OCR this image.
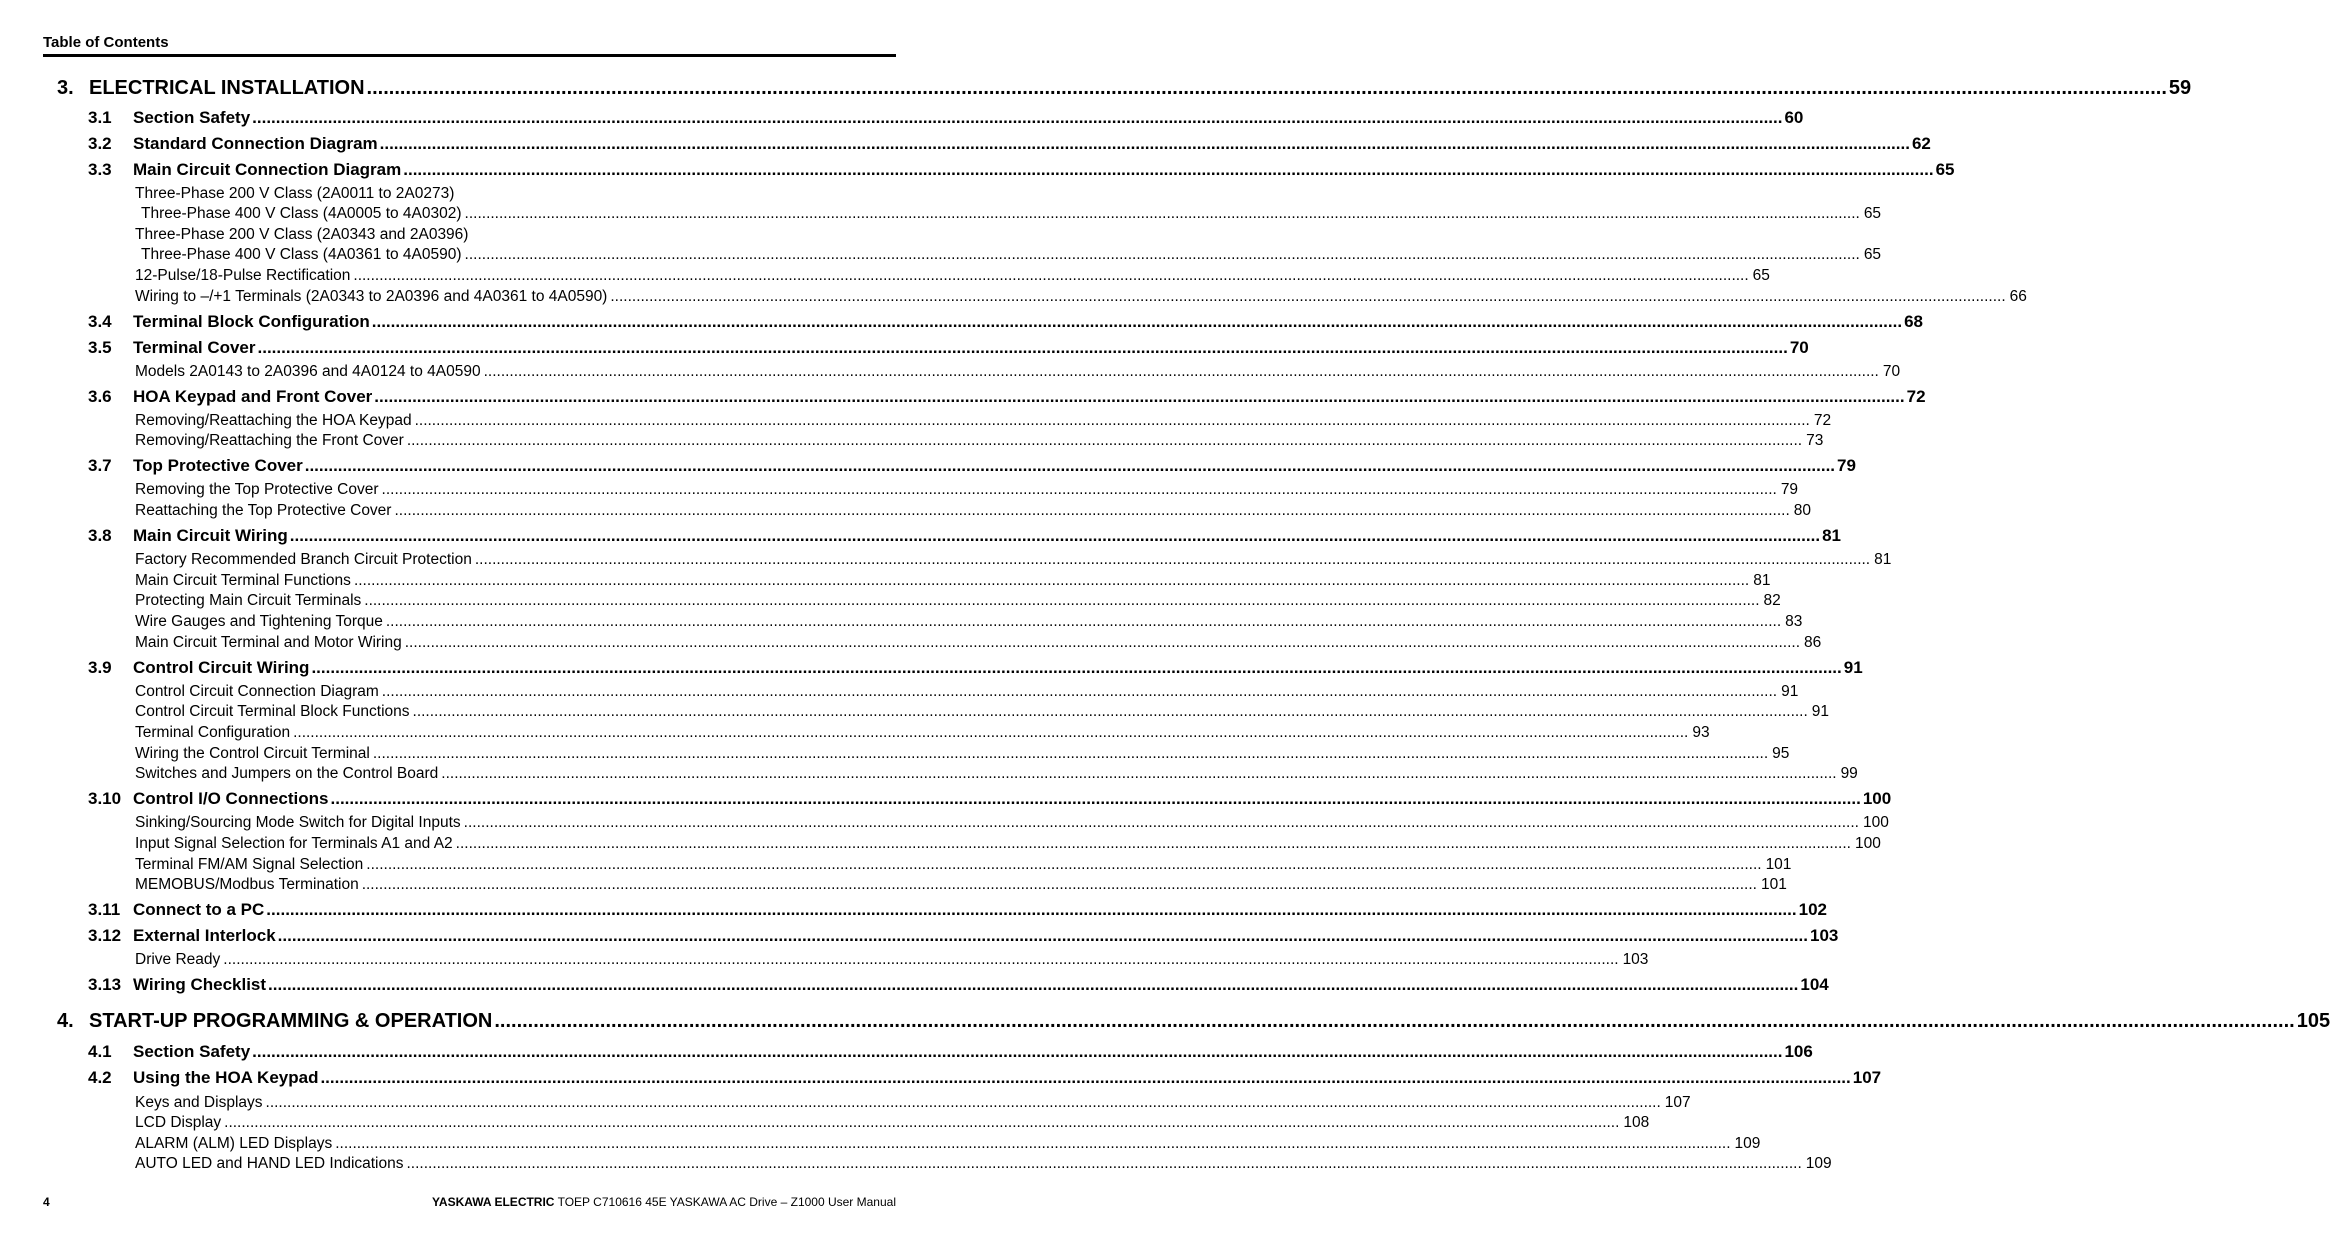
Table of Contents
3. ELECTRICAL INSTALLATION .....	59
3.1	Section Safety .....	60
3.2	Standard Connection Diagram .....	62
3.3	Main Circuit Connection Diagram .....	65
Three-Phase 200 V Class (2A0011 to 2A0273)
Three-Phase 400 V Class (4A0005 to 4A0302) .....	65
Three-Phase 200 V Class (2A0343 and 2A0396)
Three-Phase 400 V Class (4A0361 to 4A0590) .....	65
12-Pulse/18-Pulse Rectification .....	65
Wiring to –/+1 Terminals (2A0343 to 2A0396 and 4A0361 to 4A0590) .....	66
3.4	Terminal Block Configuration .....	68
3.5	Terminal Cover .....	70
Models 2A0143 to 2A0396 and 4A0124 to 4A0590 .....	70
3.6	HOA Keypad and Front Cover .....	72
Removing/Reattaching the HOA Keypad .....	72
Removing/Reattaching the Front Cover .....	73
3.7	Top Protective Cover .....	79
Removing the Top Protective Cover .....	79
Reattaching the Top Protective Cover .....	80
3.8	Main Circuit Wiring .....	81
Factory Recommended Branch Circuit Protection .....	81
Main Circuit Terminal Functions .....	81
Protecting Main Circuit Terminals .....	82
Wire Gauges and Tightening Torque .....	83
Main Circuit Terminal and Motor Wiring .....	86
3.9	Control Circuit Wiring .....	91
Control Circuit Connection Diagram .....	91
Control Circuit Terminal Block Functions .....	91
Terminal Configuration .....	93
Wiring the Control Circuit Terminal .....	95
Switches and Jumpers on the Control Board .....	99
3.10 Control I/O Connections .....	100
Sinking/Sourcing Mode Switch for Digital Inputs .....	100
Input Signal Selection for Terminals A1 and A2 .....	100
Terminal FM/AM Signal Selection .....	101
MEMOBUS/Modbus Termination .....	101
3.11 Connect to a PC .....	102
3.12 External Interlock .....	103
Drive Ready .....	103
3.13 Wiring Checklist .....	104
4. START-UP PROGRAMMING & OPERATION .....	105
4.1	Section Safety .....	106
4.2	Using the HOA Keypad .....	107
Keys and Displays .....	107
LCD Display .....	108
ALARM (ALM) LED Displays .....	109
AUTO LED and HAND LED Indications .....	109
4	YASKAWA ELECTRIC TOEP C710616 45E YASKAWA AC Drive – Z1000 User Manual
